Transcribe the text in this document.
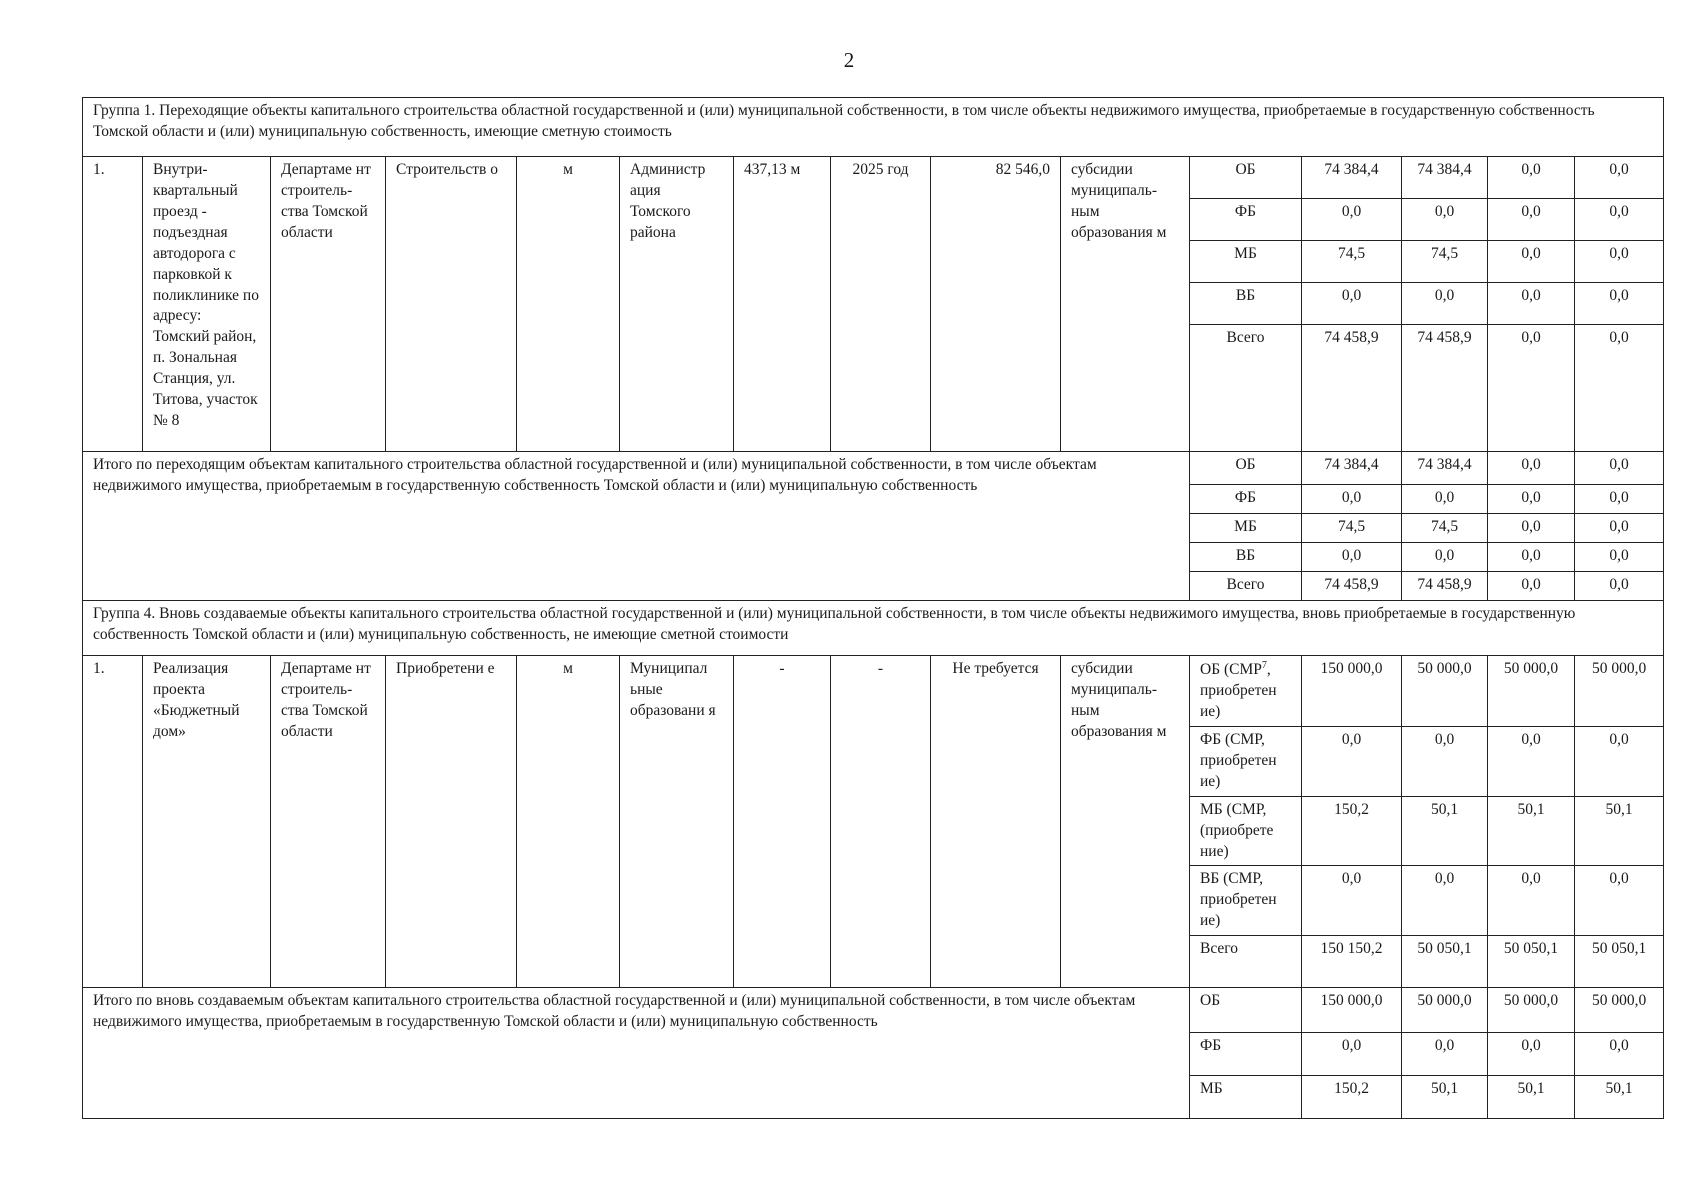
2
Группа 1. Переходящие объекты капитального строительства областной государственной и (или) муниципальной собственности, в том числе объекты недвижимого имущества, приобретаемые в государственную собственность Томской области и (или) муниципальную собственность, имеющие сметную стоимость														
1.	Внутри-квартальный проезд - подъездная автодорога с парковкой к поликлинике по адресу: Томский район, п. Зональная Станция, ул. Титова, участок № 8	Департаме нт строитель-ства Томской области	Строительств о	м	Администр ация Томского района	437,13 м	2025 год	82 546,0	субсидии муниципаль-ным образования м	ОБ	74 384,4	74 384,4	0,0	0,0
										ФБ	0,0	0,0	0,0	0,0
										МБ	74,5	74,5	0,0	0,0
										ВБ	0,0	0,0	0,0	0,0
										Всего	74 458,9	74 458,9	0,0	0,0
Итого по переходящим объектам капитального строительства областной государственной и (или) муниципальной собственности, в том числе объектам недвижимого имущества, приобретаемым в государственную собственность Томской области и (или) муниципальную собственность										ОБ	74 384,4	74 384,4	0,0	0,0
										ФБ	0,0	0,0	0,0	0,0
										МБ	74,5	74,5	0,0	0,0
										ВБ	0,0	0,0	0,0	0,0
										Всего	74 458,9	74 458,9	0,0	0,0
Группа 4. Вновь создаваемые объекты капитального строительства областной государственной и (или) муниципальной собственности, в том числе объекты недвижимого имущества, вновь приобретаемые в государственную собственность Томской области и (или) муниципальную собственность, не имеющие сметной стоимости														
1.	Реализация проекта «Бюджетный дом»	Департаме нт строитель-ства Томской области	Приобретени е	м	Муниципал ьные образовани я	-	-	Не требуется	субсидии муниципаль-ным образования м	ОБ (СМР$^7$, приобретен ие)	150 000,0	50 000,0	50 000,0	50 000,0
										ФБ (СМР, приобретен ие)	0,0	0,0	0,0	0,0
										МБ (СМР, (приобрете ние)	150,2	50,1	50,1	50,1
										ВБ (СМР, приобретен ие)	0,0	0,0	0,0	0,0
										Всего	150 150,2	50 050,1	50 050,1	50 050,1
Итого по вновь создаваемым объектам капитального строительства областной государственной и (или) муниципальной собственности, в том числе объектам недвижимого имущества, приобретаемым в государственную Томской области и (или) муниципальную собственность										ОБ	150 000,0	50 000,0	50 000,0	50 000,0
										ФБ	0,0	0,0	0,0	0,0
										МБ	150,2	50,1	50,1	50,1
